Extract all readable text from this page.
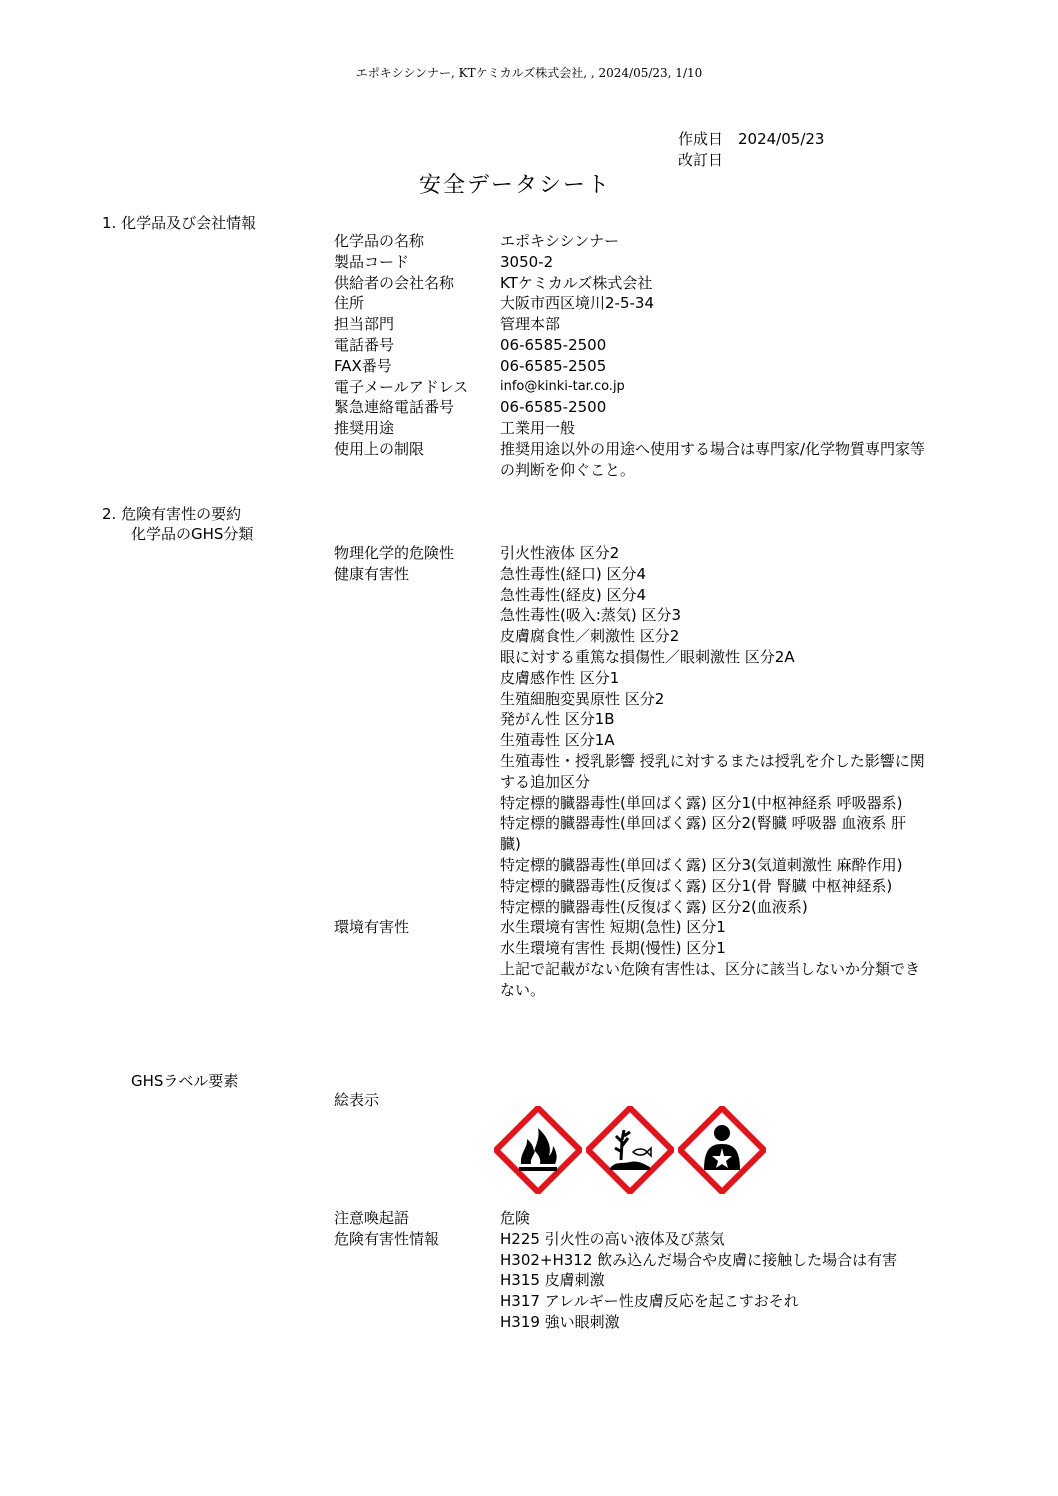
エポキシシンナー, KTケミカルズ株式会社, , 2024/05/23, 1/10
作成日 2024/05/23
改訂日
安全データシート
1. 化学品及び会社情報
化学品の名称	エポキシシンナー
製品コード	3050-2
供給者の会社名称	KTケミカルズ株式会社
住所	大阪市西区境川2-5-34
担当部門	管理本部
電話番号	06-6585-2500
FAX番号	06-6585-2505
電子メールアドレス	info@kinki-tar.co.jp
緊急連絡電話番号	06-6585-2500
推奨用途	工業用一般
使用上の制限	推奨用途以外の用途へ使用する場合は専門家/化学物質専門家等の判断を仰ぐこと。
2. 危険有害性の要約
化学品のGHS分類
物理化学的危険性	引火性液体 区分2
健康有害性	急性毒性(経口) 区分4
急性毒性(経皮) 区分4
急性毒性(吸入:蒸気) 区分3
皮膚腐食性／刺激性 区分2
眼に対する重篤な損傷性／眼刺激性 区分2A
皮膚感作性 区分1
生殖細胞変異原性 区分2
発がん性 区分1B
生殖毒性 区分1A
生殖毒性・授乳影響 授乳に対するまたは授乳を介した影響に関する追加区分
特定標的臓器毒性(単回ばく露) 区分1(中枢神経系 呼吸器系)
特定標的臓器毒性(単回ばく露) 区分2(腎臓 呼吸器 血液系 肝臓)
特定標的臓器毒性(単回ばく露) 区分3(気道刺激性 麻酔作用)
特定標的臓器毒性(反復ばく露) 区分1(骨 腎臓 中枢神経系)
特定標的臓器毒性(反復ばく露) 区分2(血液系)
環境有害性	水生環境有害性 短期(急性) 区分1
水生環境有害性 長期(慢性) 区分1
上記で記載がない危険有害性は、区分に該当しないか分類できない。
GHSラベル要素
絵表示
注意喚起語	危険
危険有害性情報	H225 引火性の高い液体及び蒸気
H302+H312 飲み込んだ場合や皮膚に接触した場合は有害
H315 皮膚刺激
H317 アレルギー性皮膚反応を起こすおそれ
H319 強い眼刺激
